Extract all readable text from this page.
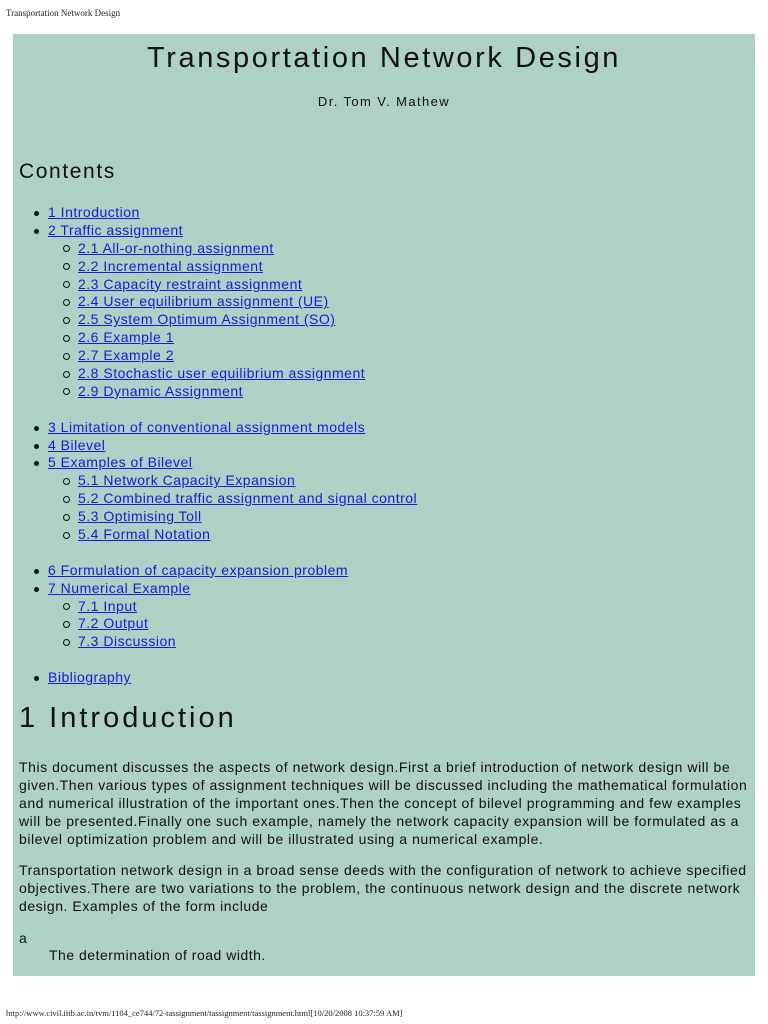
Transportation Network Design
Transportation Network Design
Dr. Tom V. Mathew
Contents
1 Introduction
2 Traffic assignment
2.1 All-or-nothing assignment
2.2 Incremental assignment
2.3 Capacity restraint assignment
2.4 User equilibrium assignment (UE)
2.5 System Optimum Assignment (SO)
2.6 Example 1
2.7 Example 2
2.8 Stochastic user equilibrium assignment
2.9 Dynamic Assignment
3 Limitation of conventional assignment models
4 Bilevel
5 Examples of Bilevel
5.1 Network Capacity Expansion
5.2 Combined traffic assignment and signal control
5.3 Optimising Toll
5.4 Formal Notation
6 Formulation of capacity expansion problem
7 Numerical Example
7.1 Input
7.2 Output
7.3 Discussion
Bibliography
1 Introduction

This document discusses the aspects of network design.First a brief introduction of network design will be given.Then various types of assignment techniques will be discussed including the mathematical formulation and numerical illustration of the important ones.Then the concept of bilevel programming and few examples will be presented.Finally one such example, namely the network capacity expansion will be formulated as a bilevel optimization problem and will be illustrated using a numerical example.

Transportation network design in a broad sense deeds with the configuration of network to achieve specified objectives.There are two variations to the problem, the continuous network design and the discrete network design. Examples of the form include

a
The determination of road width.
http://www.civil.iitb.ac.in/tvm/1104_ce744/72-tassignment/tassignment/tassignment.html[10/20/2008 10:37:59 AM]
